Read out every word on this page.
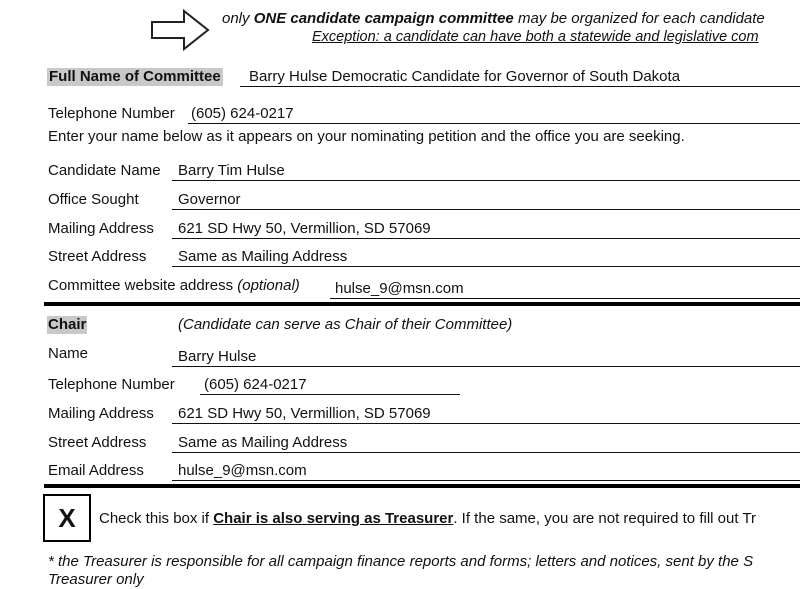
only ONE candidate campaign committee may be organized for each candidate
Exception: a candidate can have both a statewide and legislative com
Full Name of Committee Barry Hulse Democratic Candidate for Governor of South Dakota
Telephone Number (605) 624-0217
Enter your name below as it appears on your nominating petition and the office you are seeking.
Candidate Name Barry Tim Hulse
Office Sought	Governor
Mailing Address 621 SD Hwy 50, Vermillion, SD 57069
Street Address Same as Mailing Address
Committee website address (optional) hulse_9@msn.com
Chair	(Candidate can serve as Chair of their Committee)
Name	Barry Hulse
Telephone Number (605) 624-0217
Mailing Address 621 SD Hwy 50, Vermillion, SD 57069
Street Address Same as Mailing Address
Email Address hulse_9@msn.com
X Check this box if Chair is also serving as Treasurer. If the same, you are not required to fill out Tr
* the Treasurer is responsible for all campaign finance reports and forms; letters and notices, sent by the S
Treasurer only
